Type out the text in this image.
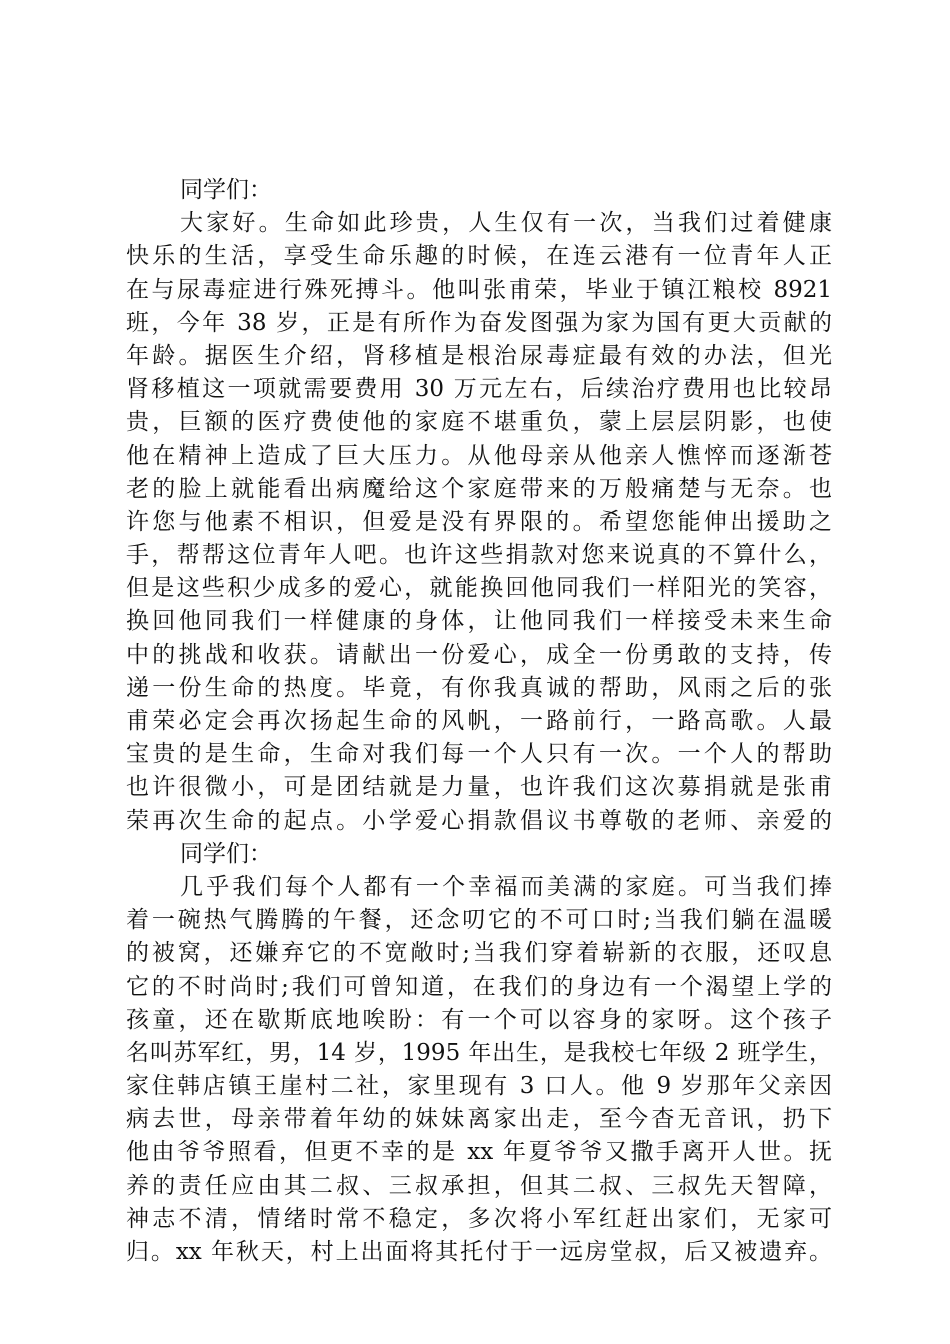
同学们：
大家好。生命如此珍贵，人生仅有一次，当我们过着健康
快乐的生活，享受生命乐趣的时候，在连云港有一位青年人正
在与尿毒症进行殊死搏斗。他叫张甫荣，毕业于镇江粮校 8921
班，今年 38 岁，正是有所作为奋发图强为家为国有更大贡献的
年龄。据医生介绍，肾移植是根治尿毒症最有效的办法，但光
肾移植这一项就需要费用 30 万元左右，后续治疗费用也比较昂
贵，巨额的医疗费使他的家庭不堪重负，蒙上层层阴影，也使
他在精神上造成了巨大压力。从他母亲从他亲人憔悴而逐渐苍
老的脸上就能看出病魔给这个家庭带来的万般痛楚与无奈。也
许您与他素不相识，但爱是没有界限的。希望您能伸出援助之
手，帮帮这位青年人吧。也许这些捐款对您来说真的不算什么，
但是这些积少成多的爱心，就能换回他同我们一样阳光的笑容，
换回他同我们一样健康的身体，让他同我们一样接受未来生命
中的挑战和收获。请献出一份爱心，成全一份勇敢的支持，传
递一份生命的热度。毕竟，有你我真诚的帮助，风雨之后的张
甫荣必定会再次扬起生命的风帆，一路前行，一路高歌。人最
宝贵的是生命，生命对我们每一个人只有一次。一个人的帮助
也许很微小，可是团结就是力量，也许我们这次募捐就是张甫
荣再次生命的起点。小学爱心捐款倡议书尊敬的老师、亲爱的
同学们：
几乎我们每个人都有一个幸福而美满的家庭。可当我们捧
着一碗热气腾腾的午餐，还念叨它的不可口时;当我们躺在温暖
的被窝，还嫌弃它的不宽敞时;当我们穿着崭新的衣服，还叹息
它的不时尚时;我们可曾知道，在我们的身边有一个渴望上学的
孩童，还在歇斯底地唉盼：有一个可以容身的家呀。这个孩子
名叫苏军红，男，14 岁，1995 年出生，是我校七年级 2 班学生，
家住韩店镇王崖村二社，家里现有 3 口人。他 9 岁那年父亲因
病去世，母亲带着年幼的妹妹离家出走，至今杳无音讯，扔下
他由爷爷照看，但更不幸的是 xx 年夏爷爷又撒手离开人世。抚
养的责任应由其二叔、三叔承担，但其二叔、三叔先天智障，
神志不清，情绪时常不稳定，多次将小军红赶出家们，无家可
归。xx 年秋天，村上出面将其托付于一远房堂叔，后又被遗弃。
